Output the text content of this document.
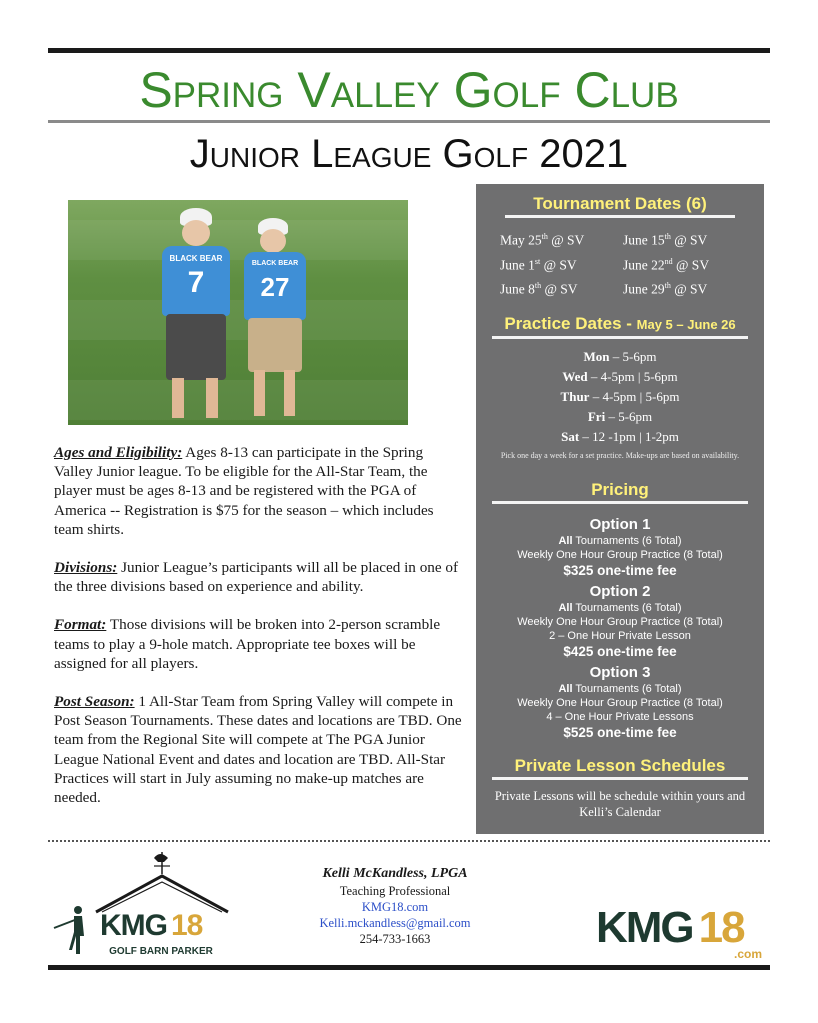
Spring Valley Golf Club
Junior League Golf 2021
BLACK BEAR
7
BLACK BEAR
27

Ages and Eligibility: Ages 8-13 can participate in the Spring Valley Junior league. To be eligible for the All-Star Team, the player must be ages 8-13 and be registered with the PGA of America -- Registration is $75 for the season – which includes team shirts.

Divisions: Junior League’s participants will all be placed in one of the three divisions based on experience and ability.

Format: Those divisions will be broken into 2-person scramble teams to play a 9-hole match. Appropriate tee boxes will be assigned for all players.

Post Season: 1 All-Star Team from Spring Valley will compete in Post Season Tournaments. These dates and locations are TBD. One team from the Regional Site will compete at The PGA Junior League National Event and dates and location are TBD. All-Star Practices will start in July assuming no make-up matches are needed.

Tournament Dates (6)
May 25th @ SV	June 15th @ SV
June 1st @ SV	June 22nd @ SV
June 8th @ SV	June 29th @ SV
Practice Dates - May 5 – June 26
Mon – 5-6pm
Wed – 4-5pm | 5-6pm
Thur – 4-5pm | 5-6pm
Fri – 5-6pm
Sat – 12 -1pm | 1-2pm
Pick one day a week for a set practice. Make-ups are based on availability.
Pricing
Option 1
All Tournaments (6 Total)
Weekly One Hour Group Practice (8 Total)
$325 one-time fee
Option 2
All Tournaments (6 Total)
Weekly One Hour Group Practice (8 Total)
2 – One Hour Private Lesson
$425 one-time fee
Option 3
All Tournaments (6 Total)
Weekly One Hour Group Practice (8 Total)
4 – One Hour Private Lessons
$525 one-time fee
Private Lesson Schedules
Private Lessons will be schedule within yours and Kelli’s Calendar
KMG 18
GOLF BARN PARKER
Kelli McKandless, LPGA
Teaching Professional
KMG18.com
Kelli.mckandless@gmail.com
254-733-1663	KMG 18
.com
